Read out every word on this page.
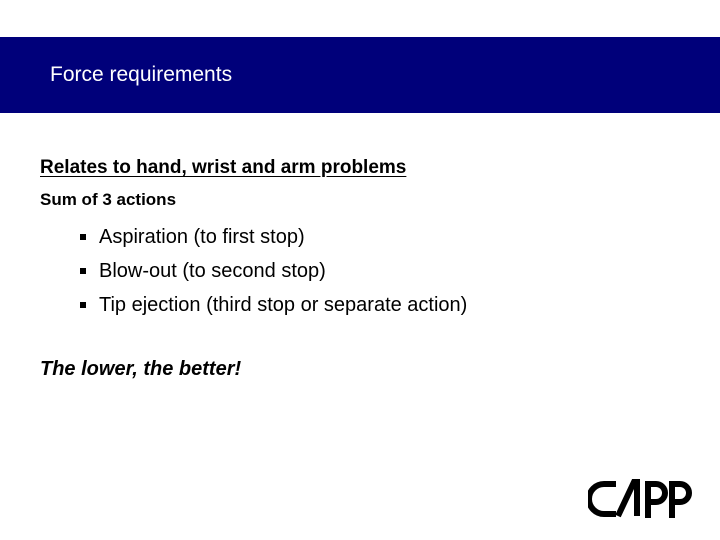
Force requirements
Relates to hand, wrist and arm problems
Sum of 3 actions
Aspiration (to first stop)
Blow-out (to second stop)
Tip ejection (third stop or separate action)
The lower, the better!
